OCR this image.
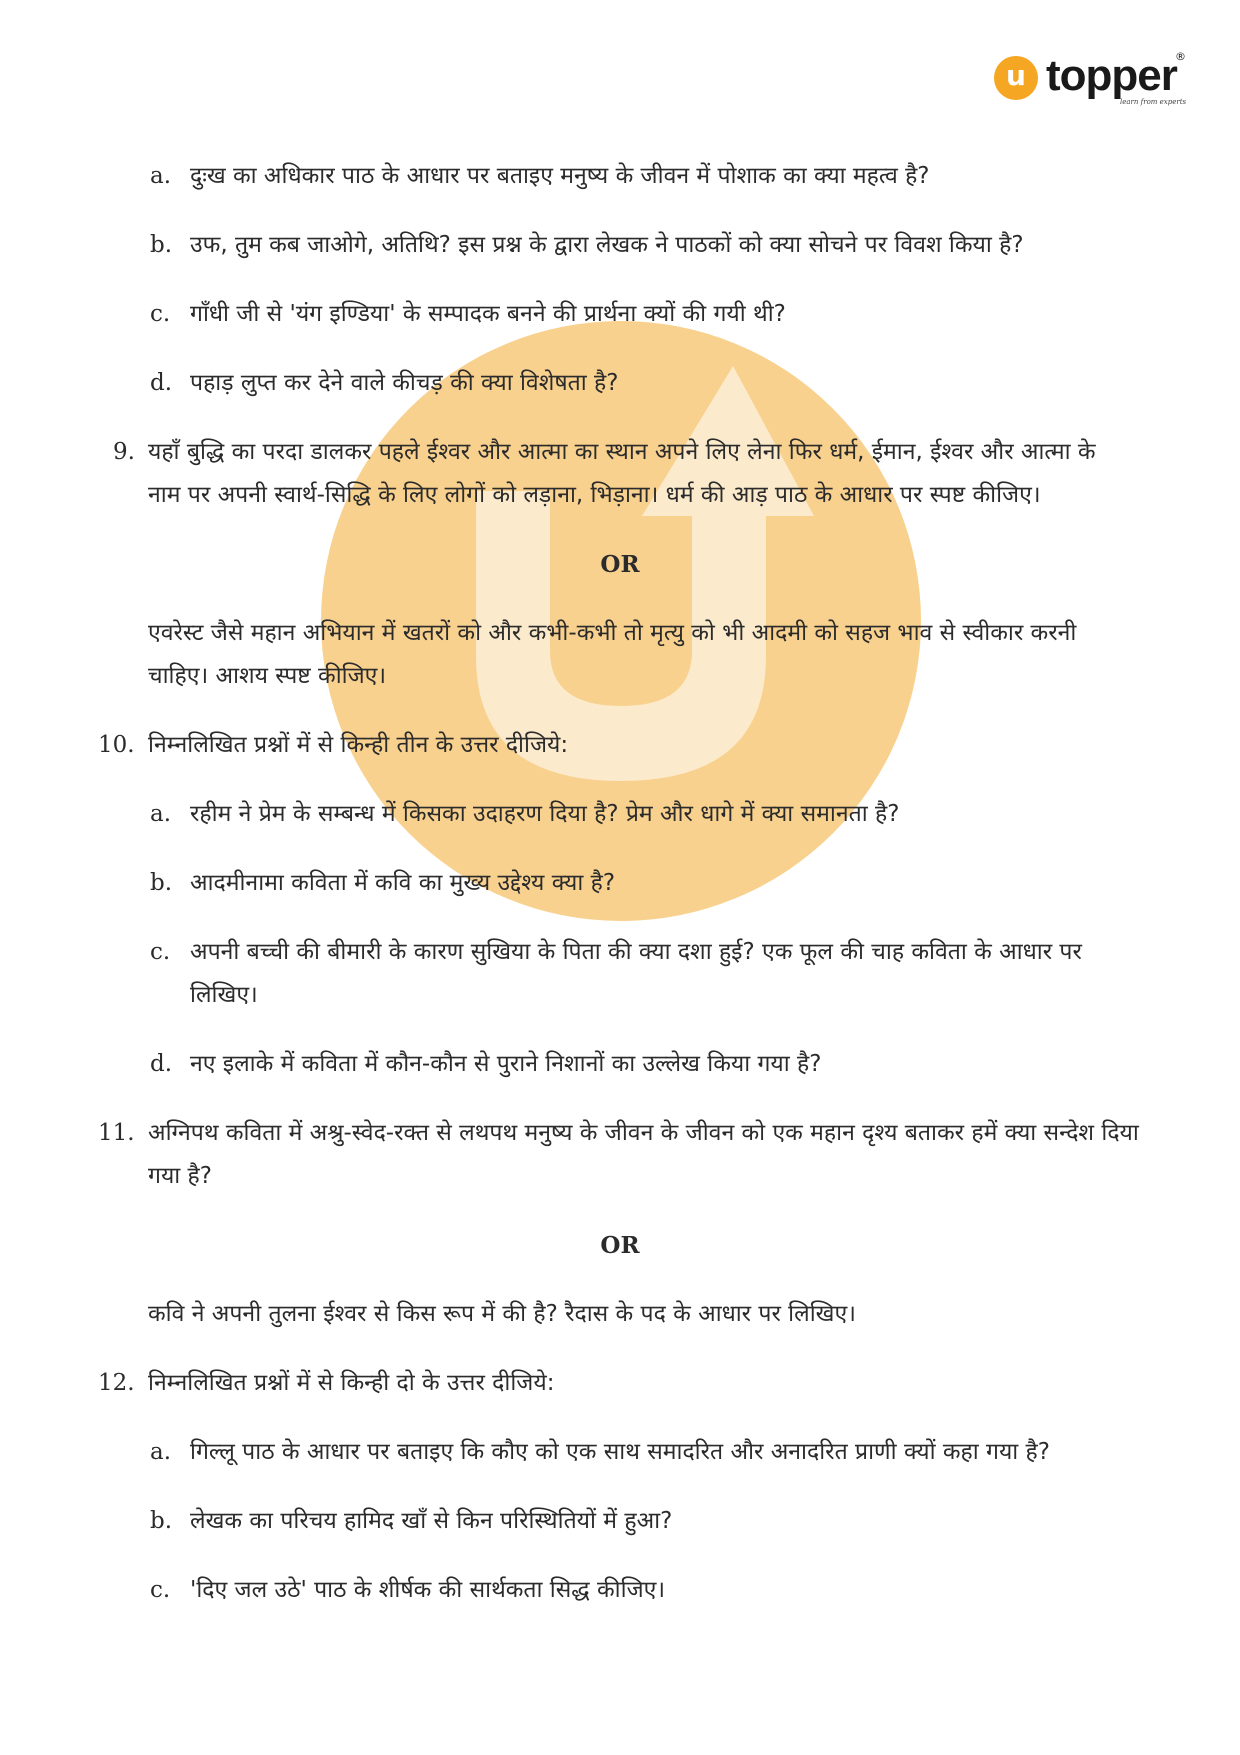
u topper
®
learn from experts
a. दुःख का अधिकार पाठ के आधार पर बताइए मनुष्य के जीवन में पोशाक का क्या महत्व है?
b. उफ, तुम कब जाओगे, अतिथि? इस प्रश्न के द्वारा लेखक ने पाठकों को क्या सोचने पर विवश किया है?
c. गाँधी जी से 'यंग इण्डिया' के सम्पादक बनने की प्रार्थना क्यों की गयी थी?
d. पहाड़ लुप्त कर देने वाले कीचड़ की क्या विशेषता है?
9. यहाँ बुद्धि का परदा डालकर पहले ईश्वर और आत्मा का स्थान अपने लिए लेना फिर धर्म, ईमान, ईश्वर और आत्मा के
नाम पर अपनी स्वार्थ-सिद्धि के लिए लोगों को लड़ाना, भिड़ाना। धर्म की आड़ पाठ के आधार पर स्पष्ट कीजिए।
OR
एवरेस्ट जैसे महान अभियान में खतरों को और कभी-कभी तो मृत्यु को भी आदमी को सहज भाव से स्वीकार करनी
चाहिए। आशय स्पष्ट कीजिए।
10. निम्नलिखित प्रश्नों में से किन्ही तीन के उत्तर दीजिये:
a. रहीम ने प्रेम के सम्बन्ध में किसका उदाहरण दिया है? प्रेम और धागे में क्या समानता है?
b. आदमीनामा कविता में कवि का मुख्य उद्देश्य क्या है?
c. अपनी बच्ची की बीमारी के कारण सुखिया के पिता की क्या दशा हुई? एक फूल की चाह कविता के आधार पर
लिखिए।
d. नए इलाके में कविता में कौन-कौन से पुराने निशानों का उल्लेख किया गया है?
11. अग्निपथ कविता में अश्रु-स्वेद-रक्त से लथपथ मनुष्य के जीवन के जीवन को एक महान दृश्य बताकर हमें क्या सन्देश दिया
गया है?
OR
कवि ने अपनी तुलना ईश्वर से किस रूप में की है? रैदास के पद के आधार पर लिखिए।
12. निम्नलिखित प्रश्नों में से किन्ही दो के उत्तर दीजिये:
a. गिल्लू पाठ के आधार पर बताइए कि कौए को एक साथ समादरित और अनादरित प्राणी क्यों कहा गया है?
b. लेखक का परिचय हामिद खाँ से किन परिस्थितियों में हुआ?
c. 'दिए जल उठे' पाठ के शीर्षक की सार्थकता सिद्ध कीजिए।
